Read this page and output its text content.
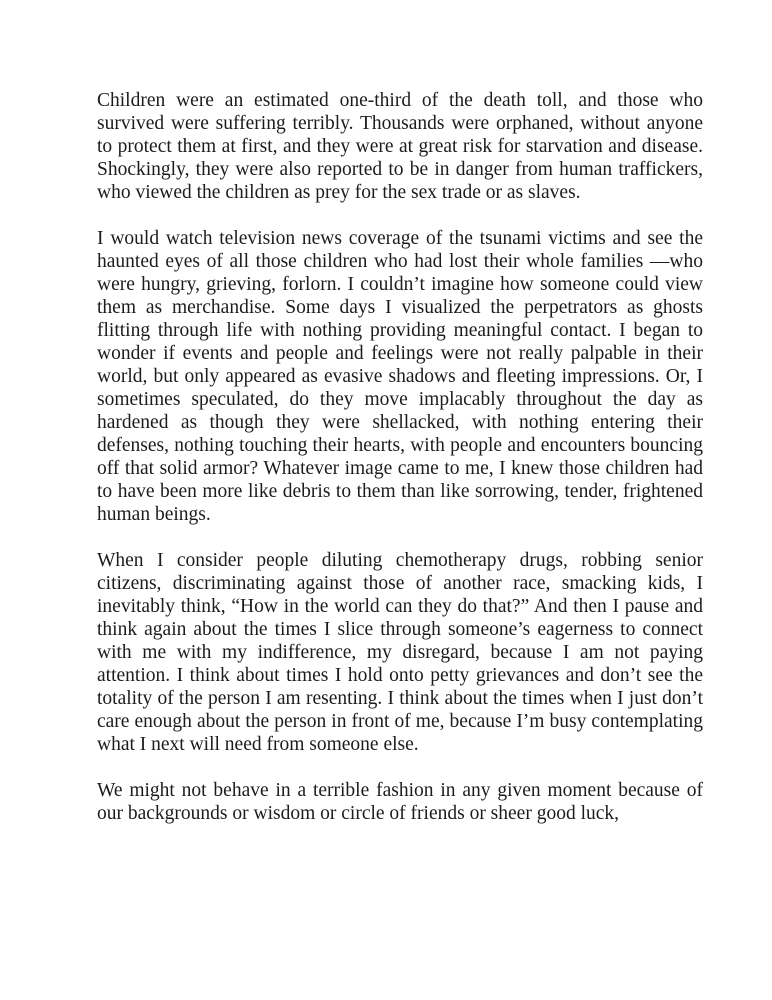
Children were an estimated one-third of the death toll, and those who survived were suffering terribly. Thousands were orphaned, without anyone to protect them at first, and they were at great risk for starvation and disease. Shockingly, they were also reported to be in danger from human traffickers, who viewed the children as prey for the sex trade or as slaves.

I would watch television news coverage of the tsunami victims and see the haunted eyes of all those children who had lost their whole families —who were hungry, grieving, forlorn. I couldn’t imagine how someone could view them as merchandise. Some days I visualized the perpetrators as ghosts flitting through life with nothing providing meaningful contact. I began to wonder if events and people and feelings were not really palpable in their world, but only appeared as evasive shadows and fleeting impressions. Or, I sometimes speculated, do they move implacably throughout the day as hardened as though they were shellacked, with nothing entering their defenses, nothing touching their hearts, with people and encounters bouncing off that solid armor? Whatever image came to me, I knew those children had to have been more like debris to them than like sorrowing, tender, frightened human beings.

When I consider people diluting chemotherapy drugs, robbing senior citizens, discriminating against those of another race, smacking kids, I inevitably think, “How in the world can they do that?” And then I pause and think again about the times I slice through someone’s eagerness to connect with me with my indifference, my disregard, because I am not paying attention. I think about times I hold onto petty grievances and don’t see the totality of the person I am resenting. I think about the times when I just don’t care enough about the person in front of me, because I’m busy contemplating what I next will need from someone else.

We might not behave in a terrible fashion in any given moment because of our backgrounds or wisdom or circle of friends or sheer good luck,
